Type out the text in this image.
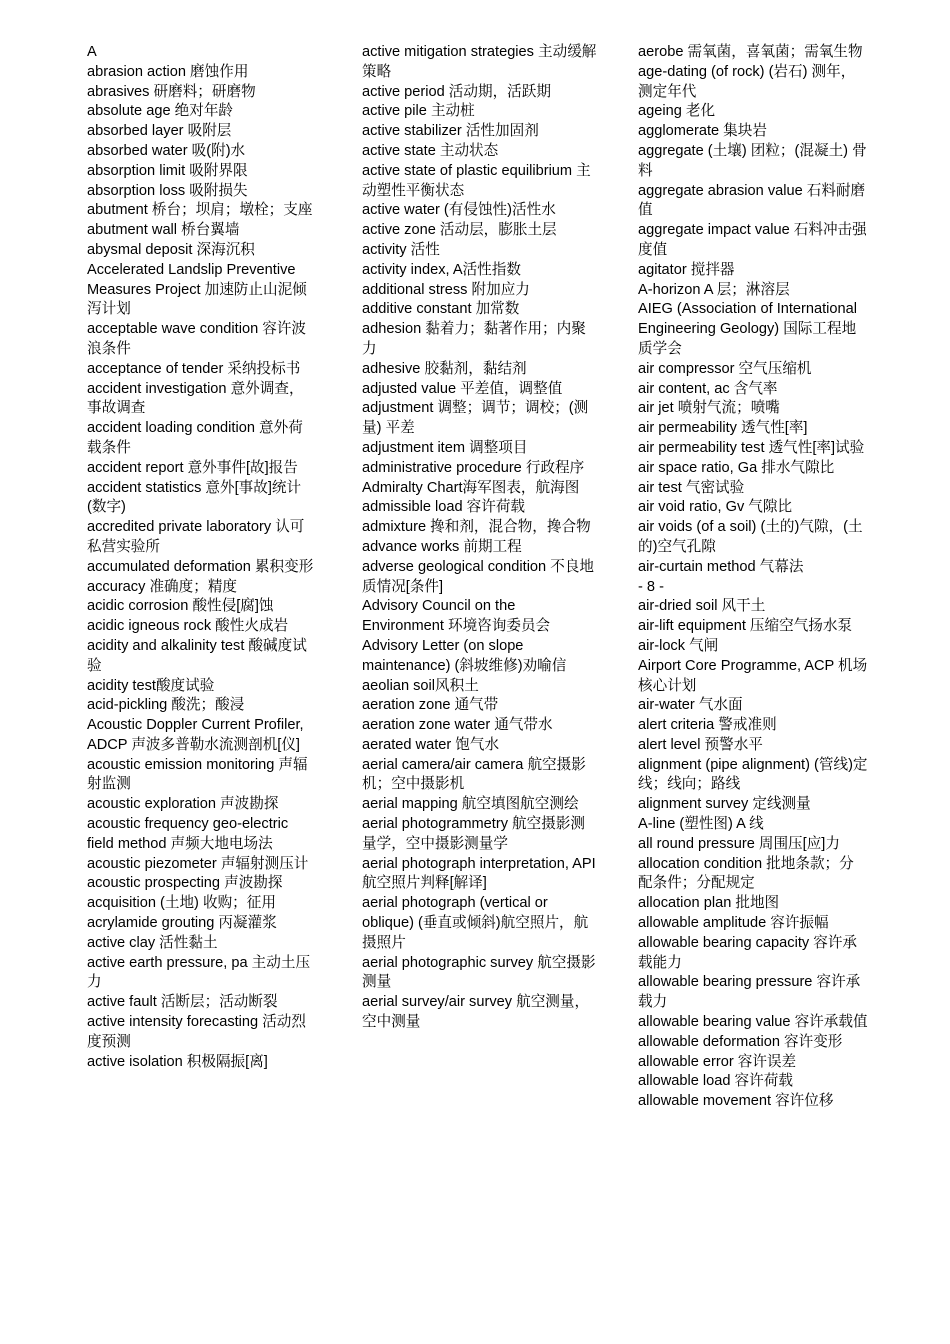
A
abrasion action 磨蚀作用
abrasives 研磨料；研磨物
absolute age 绝对年龄
absorbed layer 吸附层
absorbed water 吸(附)水
absorption limit 吸附界限
absorption loss 吸附损失
abutment 桥台；坝肩；墩栓；支座
abutment wall 桥台翼墙
abysmal deposit 深海沉积
Accelerated Landslip Preventive Measures Project 加速防止山泥倾泻计划
acceptable wave condition 容许波浪条件
acceptance of tender 采纳投标书
accident investigation 意外调查，事故调查
accident loading condition 意外荷载条件
accident report 意外事件[故]报告
accident statistics 意外[事故]统计(数字)
accredited private laboratory 认可私营实验所
accumulated deformation 累积变形
accuracy 准确度；精度
acidic corrosion 酸性侵[腐]蚀
acidic igneous rock 酸性火成岩
acidity and alkalinity test 酸碱度试验
acidity test酸度试验
acid-pickling 酸洗；酸浸
Acoustic Doppler Current Profiler, ADCP 声波多普勒水流测剖机[仪]
acoustic emission monitoring 声辐射监测
acoustic exploration 声波勘探
acoustic frequency geo-electric field method 声频大地电场法
acoustic piezometer 声辐射测压计
acoustic prospecting 声波勘探
acquisition (土地) 收购；征用
acrylamide grouting 丙凝灌浆
active clay 活性黏土
active earth pressure, pa 主动土压力
active fault 活断层；活动断裂
active intensity forecasting 活动烈度预测
active isolation 积极隔振[离]
active mitigation strategies 主动缓解策略
active period 活动期，活跃期
active pile 主动桩
active stabilizer 活性加固剂
active state 主动状态
active state of plastic equilibrium 主动塑性平衡状态
active water (有侵蚀性)活性水
active zone 活动层，膨胀土层
activity 活性
activity index, A活性指数
additional stress 附加应力
additive constant 加常数
adhesion 黏着力；黏著作用；内聚力
adhesive 胶黏剂，黏结剂
adjusted value 平差值，调整值
adjustment 调整；调节；调校；(测量) 平差
adjustment item 调整项目
administrative procedure 行政程序
Admiralty Chart海军图表，航海图
admissible load 容许荷载
admixture 搀和剂，混合物，搀合物
advance works 前期工程
adverse geological condition 不良地质情况[条件]
Advisory Council on the Environment 环境咨询委员会
Advisory Letter (on slope maintenance) (斜坡维修)劝喻信
aeolian soil风积土
aeration zone 通气带
aeration zone water 通气带水
aerated water 饱气水
aerial camera/air camera 航空摄影机；空中摄影机
aerial mapping 航空填图航空测绘
aerial photogrammetry 航空摄影测量学，空中摄影测量学
aerial photograph interpretation, API 航空照片判释[解译]
aerial photograph (vertical or oblique) (垂直或倾斜)航空照片，航摄照片
aerial photographic survey 航空摄影测量
aerial survey/air survey 航空测量，空中测量
aerobe 需氧菌，喜氧菌；需氧生物
age-dating (of rock) (岩石) 测年，测定年代
ageing 老化
agglomerate 集块岩
aggregate (土壤) 团粒；(混凝土) 骨料
aggregate abrasion value 石料耐磨值
aggregate impact value 石料冲击强度值
agitator 搅拌器
A-horizon A 层；淋溶层
AIEG (Association of International Engineering Geology) 国际工程地质学会
air compressor 空气压缩机
air content, ac 含气率
air jet 喷射气流；喷嘴
air permeability 透气性[率]
air permeability test 透气性[率]试验
air space ratio, Ga 排水气隙比
air test 气密试验
air void ratio, Gv 气隙比
air voids (of a soil) (土的)气隙，(土的)空气孔隙
air-curtain method 气幕法
- 8 -
air-dried soil 风干土
air-lift equipment 压缩空气扬水泵
air-lock 气闸
Airport Core Programme, ACP 机场核心计划
air-water 气水面
alert criteria 警戒准则
alert level 预警水平
alignment (pipe alignment) (管线)定线；线向；路线
alignment survey 定线测量
A-line (塑性图) A 线
all round pressure 周围压[应]力
allocation condition 批地条款；分配条件；分配规定
allocation plan 批地图
allowable amplitude 容许振幅
allowable bearing capacity 容许承载能力
allowable bearing pressure 容许承载力
allowable bearing value 容许承载值
allowable deformation 容许变形
allowable error 容许误差
allowable load 容许荷载
allowable movement 容许位移
